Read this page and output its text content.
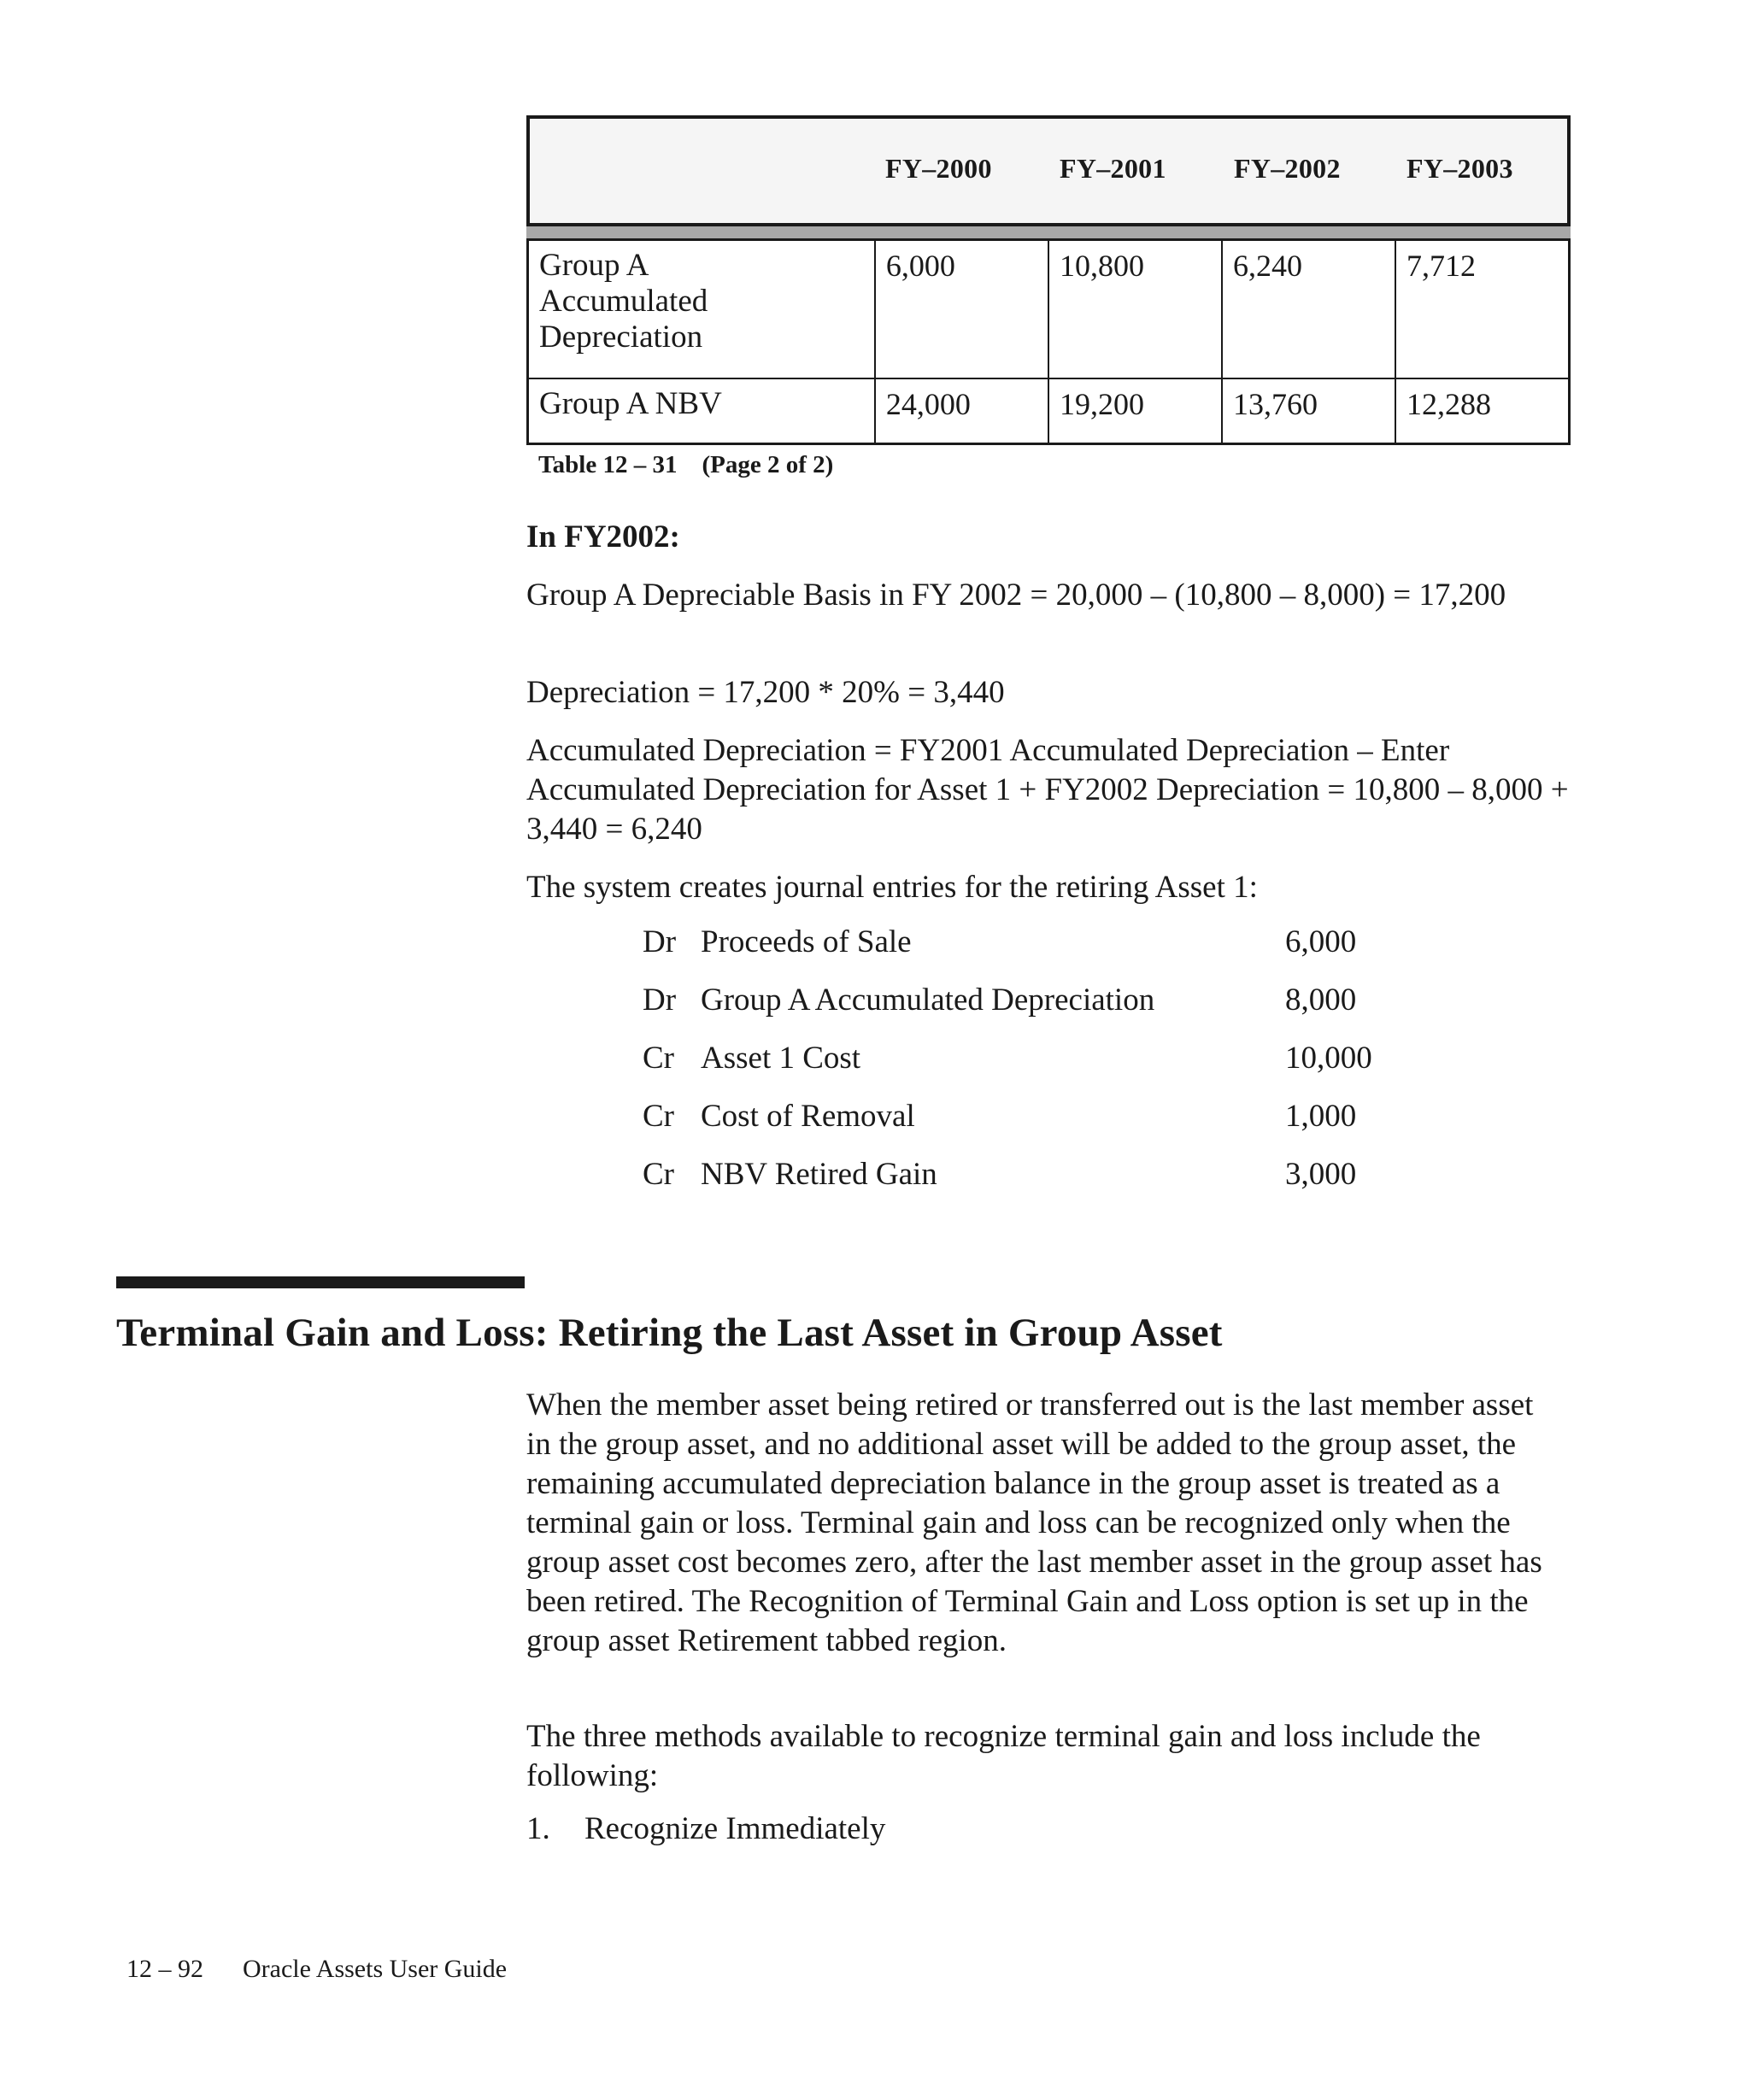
FY–2000 FY–2001 FY–2002 FY–2003
Group A
Accumulated
Depreciation
6,000	10,800	6,240	7,712
Group A NBV	24,000	19,200	13,760	12,288
Table 12 – 31    (Page 2 of 2)
In FY2002:
Group A Depreciable Basis in FY 2002 = 20,000 – (10,800 – 8,000) = 17,200
Depreciation = 17,200 * 20% = 3,440
Accumulated Depreciation = FY2001 Accumulated Depreciation – Enter Accumulated Depreciation for Asset 1 + FY2002 Depreciation = 10,800 – 8,000 + 3,440 = 6,240
The system creates journal entries for the retiring Asset 1:
Dr Proceeds of Sale	6,000
Dr Group A Accumulated Depreciation	8,000
Cr Asset 1 Cost	10,000
Cr Cost of Removal	1,000
Cr NBV Retired Gain	3,000
Terminal Gain and Loss: Retiring the Last Asset in Group Asset
When the member asset being retired or transferred out is the last member asset in the group asset, and no additional asset will be added to the group asset, the remaining accumulated depreciation balance in the group asset is treated as a terminal gain or loss. Terminal gain and loss can be recognized only when the group asset cost becomes zero, after the last member asset in the group asset has been retired. The Recognition of Terminal Gain and Loss option is set up in the group asset Retirement tabbed region.
The three methods available to recognize terminal gain and loss include the following:
1. Recognize Immediately
12 – 92 Oracle Assets User Guide
